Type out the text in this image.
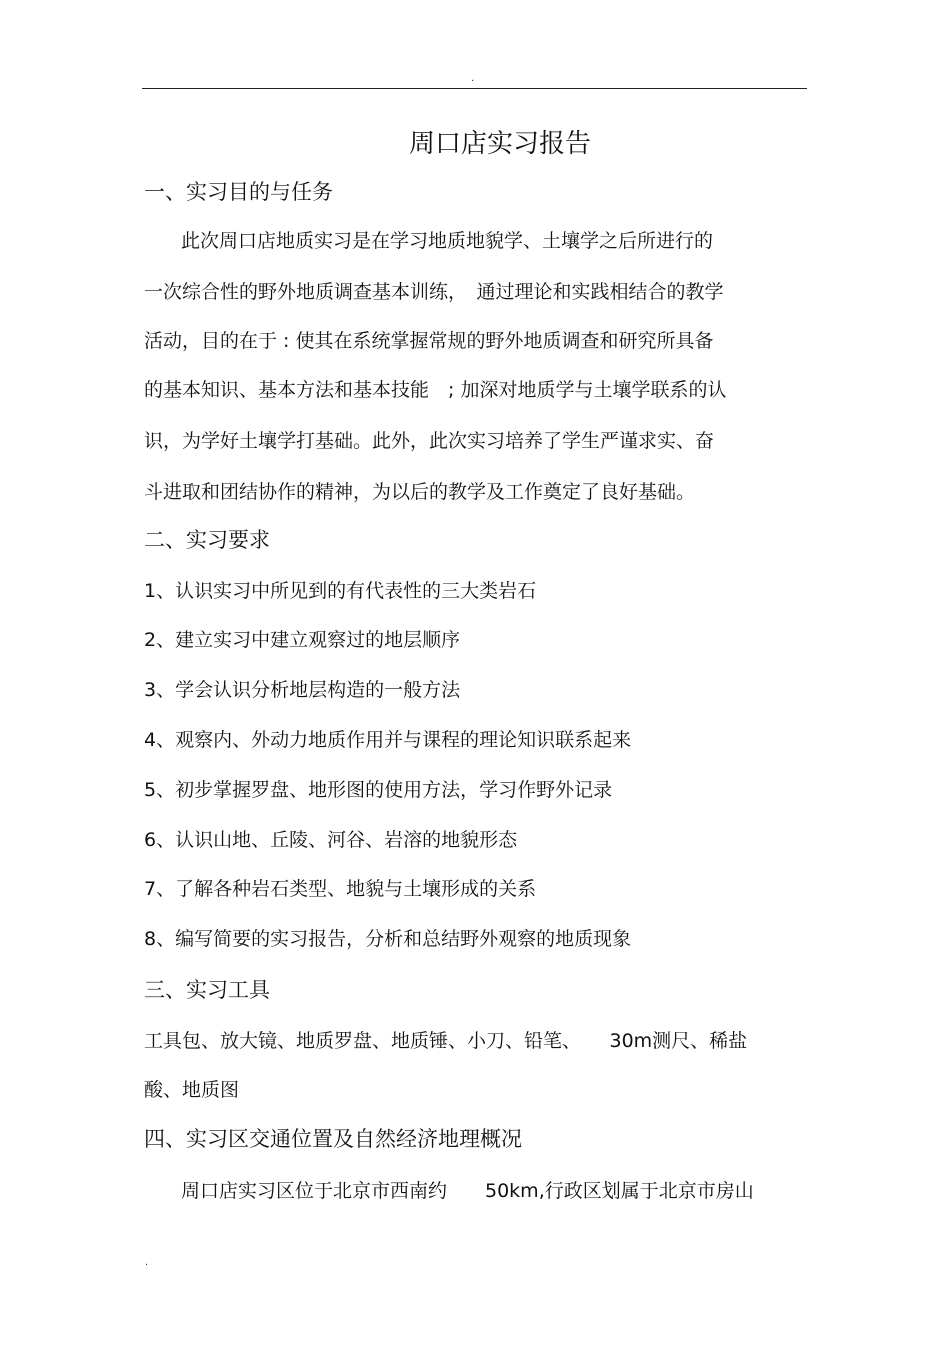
.
周口店实习报告
一、实习目的与任务
此次周口店地质实习是在学习地质地貌学、土壤学之后所进行的
一次综合性的野外地质调查基本训练，　通过理论和实践相结合的教学
活动，目的在于 : 使其在系统掌握常规的野外地质调查和研究所具备
的基本知识、基本方法和基本技能　; 加深对地质学与土壤学联系的认
识，为学好土壤学打基础。此外，此次实习培养了学生严谨求实、奋
斗进取和团结协作的精神，为以后的教学及工作奠定了良好基础。
二、实习要求
1、认识实习中所见到的有代表性的三大类岩石
2、建立实习中建立观察过的地层顺序
3、学会认识分析地层构造的一般方法
4、观察内、外动力地质作用并与课程的理论知识联系起来
5、初步掌握罗盘、地形图的使用方法，学习作野外记录
6、认识山地、丘陵、河谷、岩溶的地貌形态
7、了解各种岩石类型、地貌与土壤形成的关系
8、编写简要的实习报告，分析和总结野外观察的地质现象
三、实习工具
工具包、放大镜、地质罗盘、地质锤、小刀、铅笔、　　30m测尺、稀盐
酸、地质图
四、实习区交通位置及自然经济地理概况
周口店实习区位于北京市西南约　　50km,行政区划属于北京市房山
.
